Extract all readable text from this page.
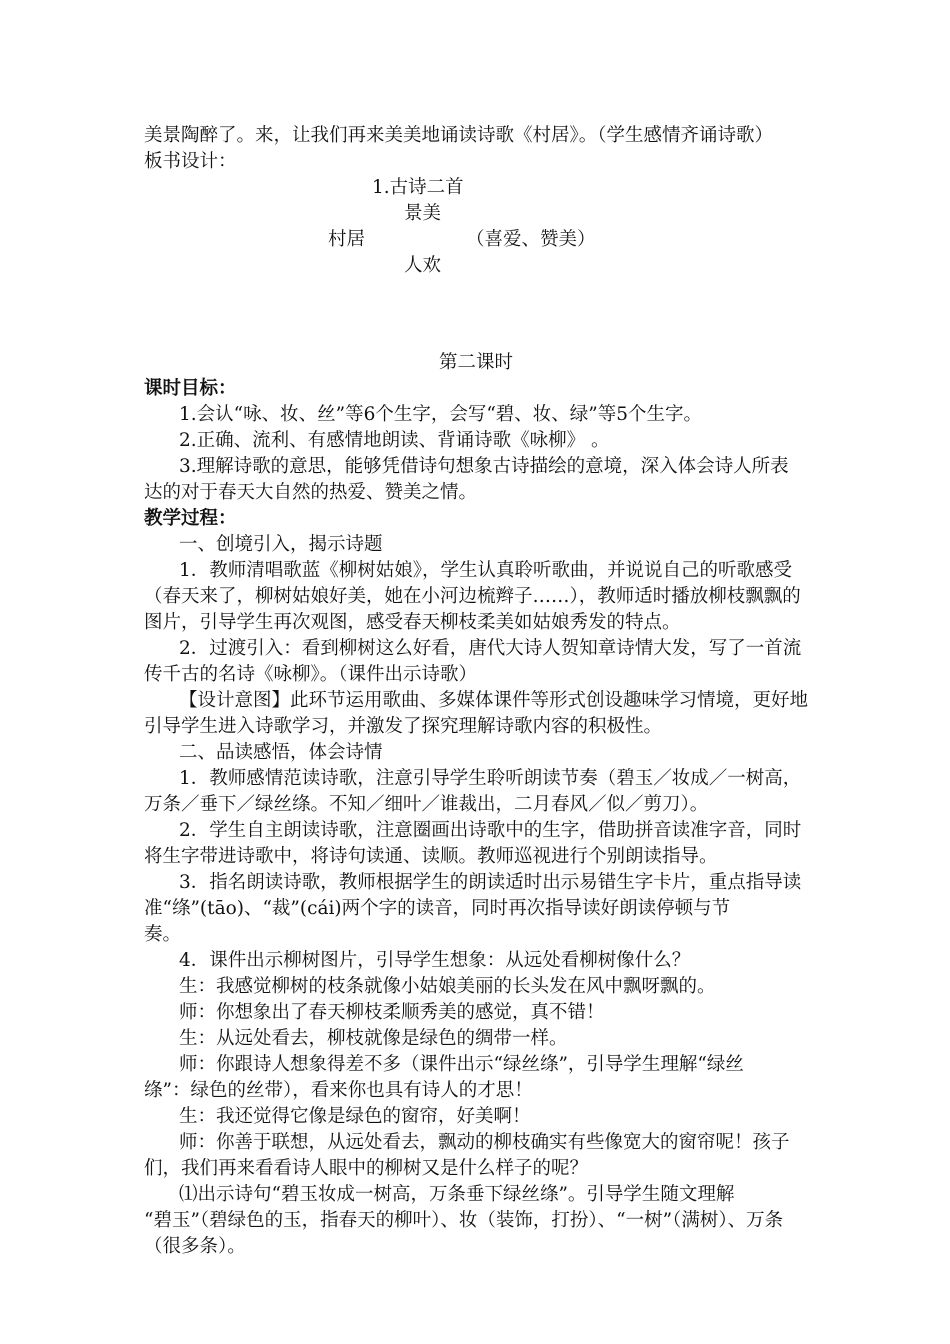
美景陶醉了。来，让我们再来美美地诵读诗歌《村居》。（学生感情齐诵诗歌）
板书设计：
1.古诗二首
景美
村居	（喜爱、赞美）
人欢
第二课时
课时目标：
1.会认“咏、妆、丝”等6个生字，会写“碧、妆、绿”等5个生字。
2.正确、流利、有感情地朗读、背诵诗歌《咏柳》 。
3.理解诗歌的意思，能够凭借诗句想象古诗描绘的意境，深入体会诗人所表
达的对于春天大自然的热爱、赞美之情。
教学过程：
一、创境引入，揭示诗题
1．教师清唱歌蓝《柳树姑娘》，学生认真聆听歌曲，并说说自己的听歌感受
（春天来了，柳树姑娘好美，她在小河边梳辫子……），教师适时播放柳枝飘飘的
图片，引导学生再次观图，感受春天柳枝柔美如姑娘秀发的特点。
2．过渡引入：看到柳树这么好看，唐代大诗人贺知章诗情大发，写了一首流
传千古的名诗《咏柳》。（课件出示诗歌）
【设计意图】此环节运用歌曲、多媒体课件等形式创设趣味学习情境，更好地
引导学生进入诗歌学习，并激发了探究理解诗歌内容的积极性。
二、品读感悟，体会诗情
1．教师感情范读诗歌，注意引导学生聆听朗读节奏（碧玉／妆成／一树高，
万条／垂下／绿丝绦。不知／细叶／谁裁出，二月春风／似／剪刀）。
2．学生自主朗读诗歌，注意圈画出诗歌中的生字，借助拼音读准字音，同时
将生字带进诗歌中，将诗句读通、读顺。教师巡视进行个别朗读指导。
3．指名朗读诗歌，教师根据学生的朗读适时出示易错生字卡片，重点指导读
准“绦”(tāo)、“裁”(cái)两个字的读音，同时再次指导读好朗读停顿与节
奏。
4．课件出示柳树图片，引导学生想象：从远处看柳树像什么？
生：我感觉柳树的枝条就像小姑娘美丽的长头发在风中飘呀飘的。
师：你想象出了春天柳枝柔顺秀美的感觉，真不错！
生：从远处看去，柳枝就像是绿色的绸带一样。
师：你跟诗人想象得差不多（课件出示“绿丝绦”，引导学生理解“绿丝
绦”：绿色的丝带），看来你也具有诗人的才思！
生：我还觉得它像是绿色的窗帘，好美啊！
师：你善于联想，从远处看去，飘动的柳枝确实有些像宽大的窗帘呢！孩子
们，我们再来看看诗人眼中的柳树又是什么样子的呢？
⑴出示诗句“碧玉妆成一树高，万条垂下绿丝绦”。引导学生随文理解
“碧玉”（碧绿色的玉，指春天的柳叶）、妆（装饰，打扮）、“一树”（满树）、万条
（很多条）。
